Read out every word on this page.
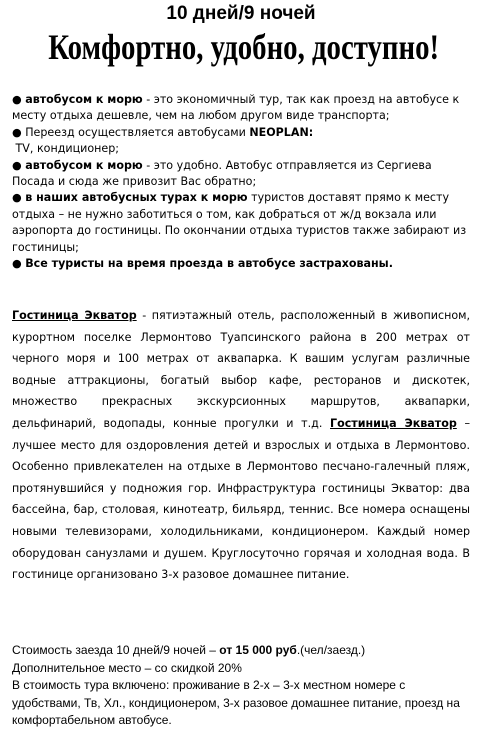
10 дней/9 ночей
Комфортно, удобно, доступно!

● автобусом к морю - это экономичный тур, так как проезд на автобусе к месту отдыха дешевле, чем на любом другом виде транспорта;

● Переезд осуществляется автобусами NEOPLAN:
TV, кондиционер;

● автобусом к морю - это удобно. Автобус отправляется из Сергиева Посада и сюда же привозит Вас обратно;

● в наших автобусных турах к морю туристов доставят прямо к месту отдыха – не нужно заботиться о том, как добраться от ж/д вокзала или аэропорта до гостиницы. По окончании отдыха туристов также забирают из гостиницы;

● Все туристы на время проезда в автобусе застрахованы.

Гостиница Экватор - пятиэтажный отель, расположенный в живописном, курортном поселке Лермонтово Туапсинского района в 200 метрах от черного моря и 100 метрах от аквапарка. К вашим услугам различные водные аттракционы, богатый выбор кафе, ресторанов и дискотек, множество прекрасных экскурсионных маршрутов, аквапарки, дельфинарий, водопады, конные прогулки и т.д. Гостиница Экватор – лучшее место для оздоровления детей и взрослых и отдыха в Лермонтово. Особенно привлекателен на отдыхе в Лермонтово песчано-галечный пляж, протянувшийся у подножия гор. Инфраструктура гостиницы Экватор: два бассейна, бар, столовая, кинотеатр, бильярд, теннис. Все номера оснащены новыми телевизорами, холодильниками, кондиционером. Каждый номер оборудован санузлами и душем. Круглосуточно горячая и холодная вода. В гостинице организовано 3-х разовое домашнее питание.

Стоимость заезда 10 дней/9 ночей – от 15 000 руб.(чел/заезд.)
Дополнительное место – со скидкой 20%
В стоимость тура включено: проживание в 2-х – 3-х местном номере с удобствами, Тв, Хл., кондиционером, 3-х разовое домашнее питание, проезд на комфортабельном автобусе.
